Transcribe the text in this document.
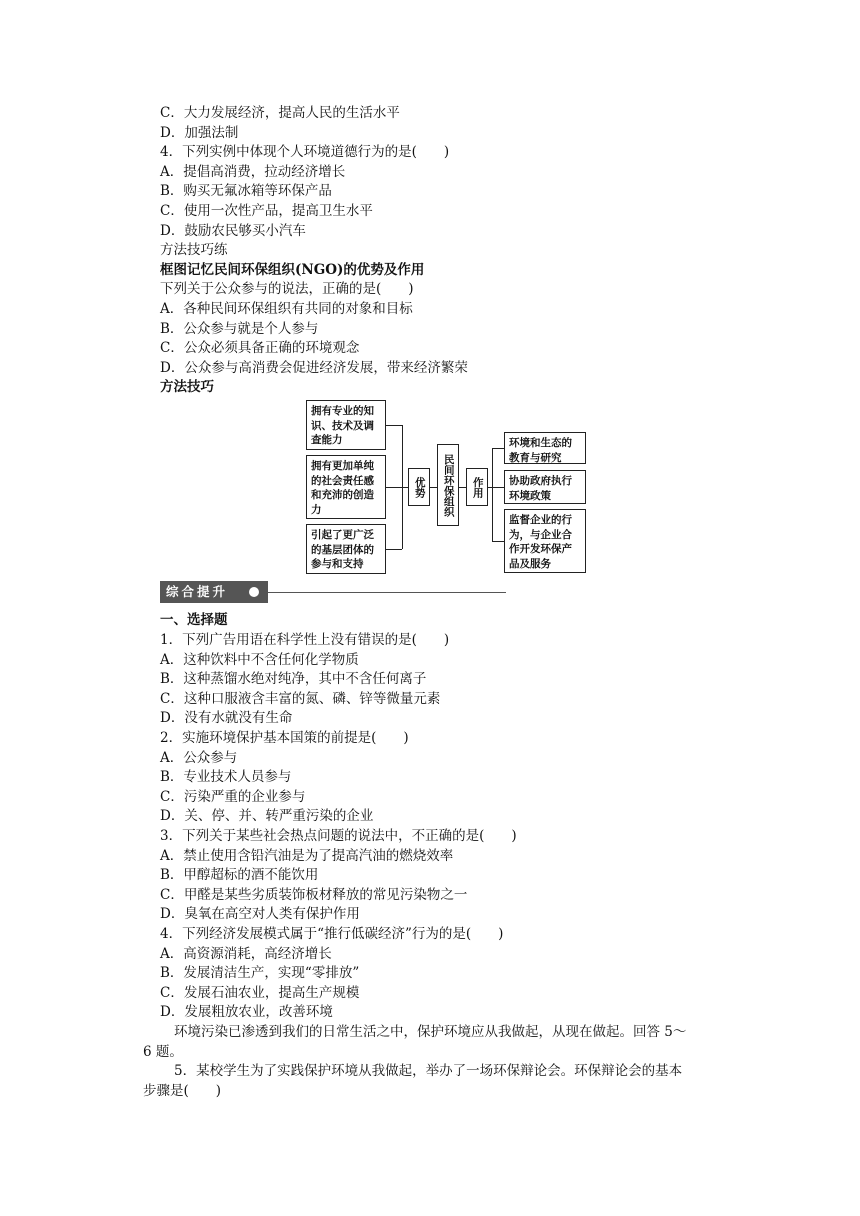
C．大力发展经济，提高人民的生活水平
D．加强法制
4．下列实例中体现个人环境道德行为的是(　　)
A．提倡高消费，拉动经济增长
B．购买无氟冰箱等环保产品
C．使用一次性产品，提高卫生水平
D．鼓励农民够买小汽车
方法技巧练
框图记忆民间环保组织(NGO)的优势及作用
下列关于公众参与的说法，正确的是(　　)
A．各种民间环保组织有共同的对象和目标
B．公众参与就是个人参与
C．公众必须具备正确的环境观念
D．公众参与高消费会促进经济发展，带来经济繁荣
方法技巧
拥有专业的知识、技术及调查能力
拥有更加单纯的社会责任感和充沛的创造力
引起了更广泛的基层团体的参与和支持
优势	民间环保组织	作用
环境和生态的教育与研究
协助政府执行环境政策
监督企业的行为，与企业合作开发环保产品及服务
综合提升
一、选择题
1．下列广告用语在科学性上没有错误的是(　　)
A．这种饮料中不含任何化学物质
B．这种蒸馏水绝对纯净，其中不含任何离子
C．这种口服液含丰富的氮、磷、锌等微量元素
D．没有水就没有生命
2．实施环境保护基本国策的前提是(　　)
A．公众参与
B．专业技术人员参与
C．污染严重的企业参与
D．关、停、并、转严重污染的企业
3．下列关于某些社会热点问题的说法中，不正确的是(　　)
A．禁止使用含铅汽油是为了提高汽油的燃烧效率
B．甲醇超标的酒不能饮用
C．甲醛是某些劣质装饰板材释放的常见污染物之一
D．臭氧在高空对人类有保护作用
4．下列经济发展模式属于“推行低碳经济”行为的是(　　)
A．高资源消耗，高经济增长
B．发展清洁生产，实现“零排放”
C．发展石油农业，提高生产规模
D．发展粗放农业，改善环境
环境污染已渗透到我们的日常生活之中，保护环境应从我做起，从现在做起。回答 5～
6 题。
5．某校学生为了实践保护环境从我做起，举办了一场环保辩论会。环保辩论会的基本
步骤是(　　)
